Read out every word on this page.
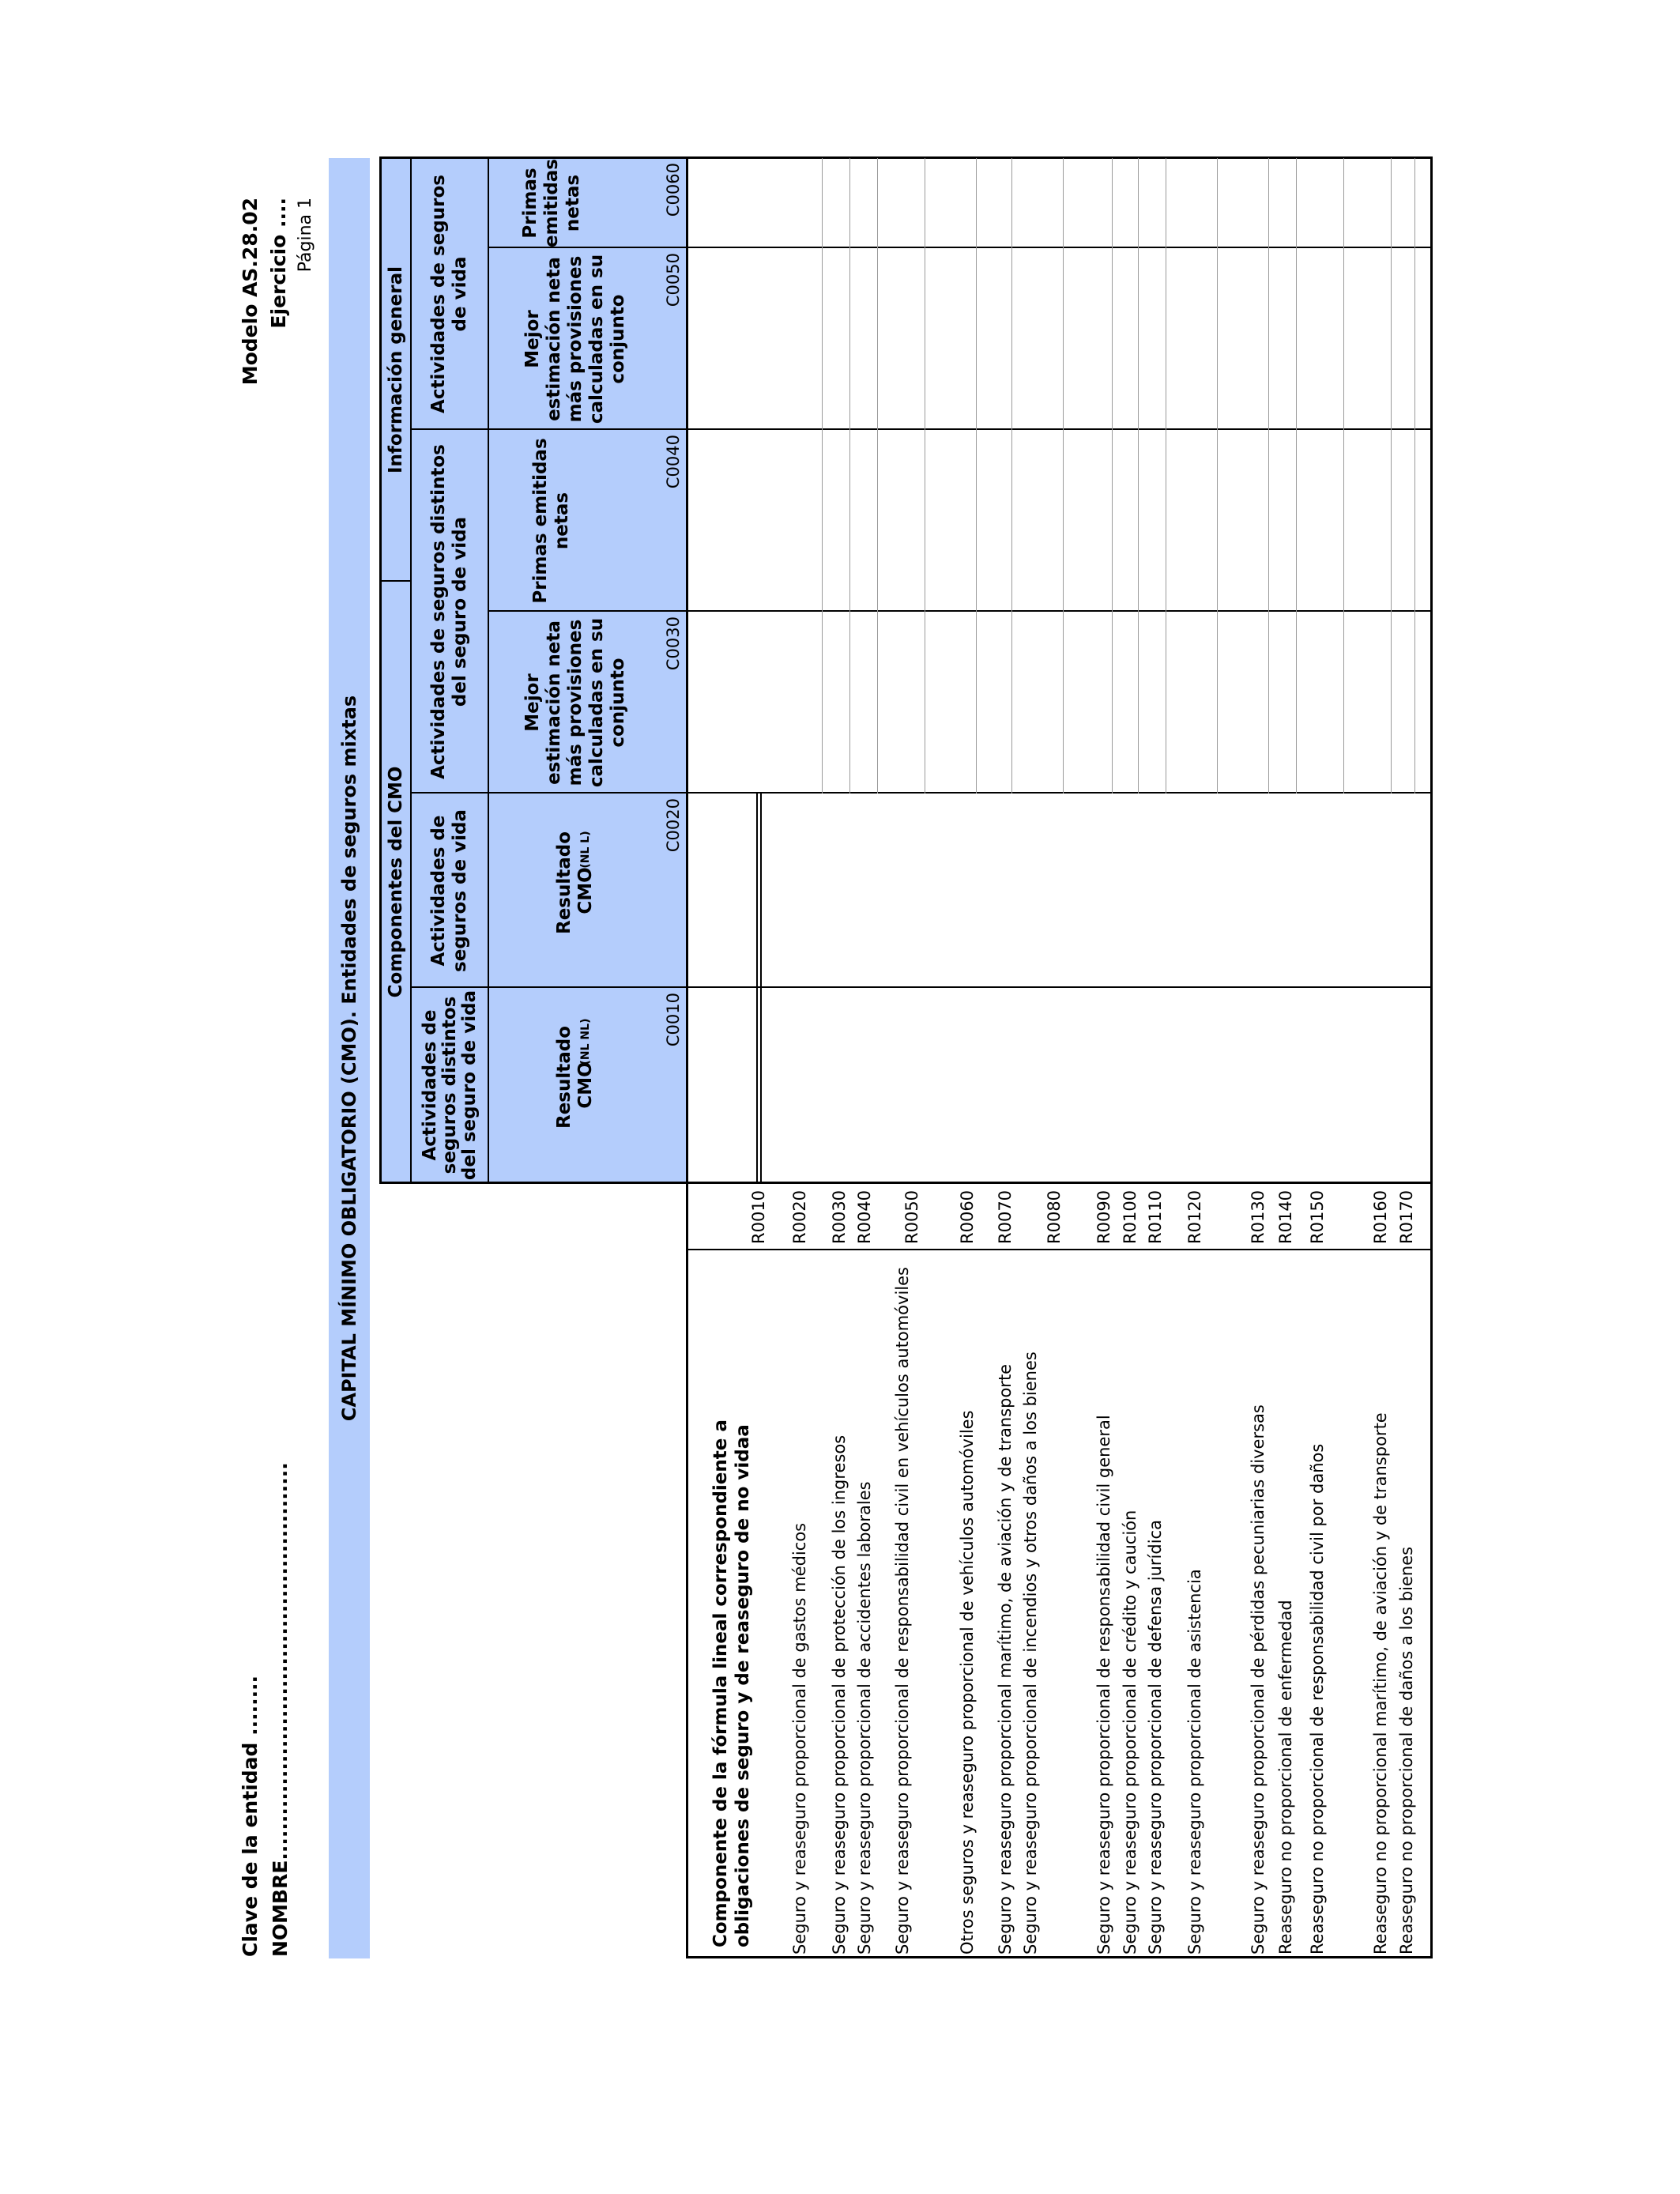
Clave de la entidad ........ NOMBRE.....................................................
Modelo AS.28.02 Ejercicio .... Página 1
CAPITAL MÍNIMO OBLIGATORIO (CMO). Entidades de seguros mixtas	Componentes del CMO
Información general
Actividades de seguros distintos del seguro de vida
Actividades de seguros de vida
Actividades de seguros distintos del seguro de vida
Actividades de seguros de vida
Resultado CMO
(NL NL)
Resultado CMO
(NL L)
Mejor estimación neta más provisiones calculadas en su conjunto
Primas emitidas netas
Mejor estimación neta más provisiones calculadas en su conjunto
Primas emitidas netas
C0010
C0020
C0030
C0040
C0050
C0060
Componente de la fórmula lineal correspondiente a obligaciones de seguro y de reaseguro de no vidaa
R0010
Seguro y reaseguro proporcional de gastos médicos
R0020
Seguro y reaseguro proporcional de protección de los ingresos
R0030
Seguro y reaseguro proporcional de accidentes laborales
R0040
Seguro y reaseguro proporcional de responsabilidad civil en vehículos automóviles
R0050
Otros seguros y reaseguro proporcional de vehículos automóviles
R0060
Seguro y reaseguro proporcional marítimo, de aviación y de transporte
R0070
Seguro y reaseguro proporcional de incendios y otros daños a los bienes
R0080
Seguro y reaseguro proporcional de responsabilidad civil general
R0090
Seguro y reaseguro proporcional de crédito y caución
R0100
Seguro y reaseguro proporcional de defensa jurídica
R0110
Seguro y reaseguro proporcional de asistencia
R0120
Seguro y reaseguro proporcional de pérdidas pecuniarias diversas
R0130
Reaseguro no proporcional de enfermedad
R0140
Reaseguro no proporcional de responsabilidad civil por daños
R0150
Reaseguro no proporcional marítimo, de aviación y de transporte
R0160
Reaseguro no proporcional de daños a los bienes
R0170
